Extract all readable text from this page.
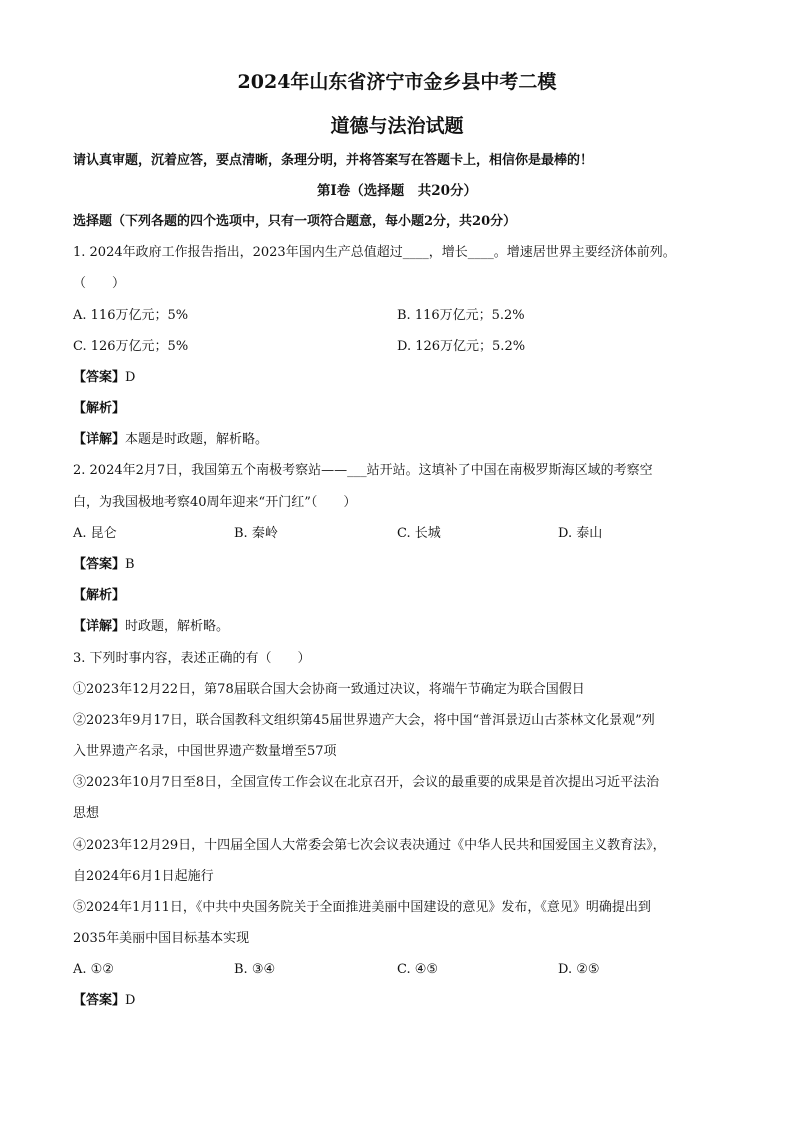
2024年山东省济宁市金乡县中考二模
道德与法治试题
请认真审题，沉着应答，要点清晰，条理分明，并将答案写在答题卡上，相信你是最棒的！
第Ⅰ卷（选择题　共20分）
选择题（下列各题的四个选项中，只有一项符合题意，每小题2分，共20分）
1. 2024年政府工作报告指出，2023年国内生产总值超过____，增长____。增速居世界主要经济体前列。
（　　）
A. 116万亿元；5%	B. 116万亿元；5.2%
C. 126万亿元；5%	D. 126万亿元；5.2%
【答案】D
【解析】
【详解】本题是时政题，解析略。
2. 2024年2月7日，我国第五个南极考察站——___站开站。这填补了中国在南极罗斯海区域的考察空
白，为我国极地考察40周年迎来“开门红”（　　）
A. 昆仑	B. 秦岭	C. 长城	D. 泰山
【答案】B
【解析】
【详解】时政题，解析略。
3. 下列时事内容，表述正确的有（　　）
①2023年12月22日，第78届联合国大会协商一致通过决议，将端午节确定为联合国假日
②2023年9月17日，联合国教科文组织第45届世界遗产大会，将中国“普洱景迈山古茶林文化景观”列
入世界遗产名录，中国世界遗产数量增至57项
③2023年10月7日至8日，全国宣传工作会议在北京召开，会议的最重要的成果是首次提出习近平法治
思想
④2023年12月29日，十四届全国人大常委会第七次会议表决通过《中华人民共和国爱国主义教育法》，
自2024年6月1日起施行
⑤2024年1月11日，《中共中央国务院关于全面推进美丽中国建设的意见》发布，《意见》明确提出到
2035年美丽中国目标基本实现
A. ①②	B. ③④	C. ④⑤	D. ②⑤
【答案】D
